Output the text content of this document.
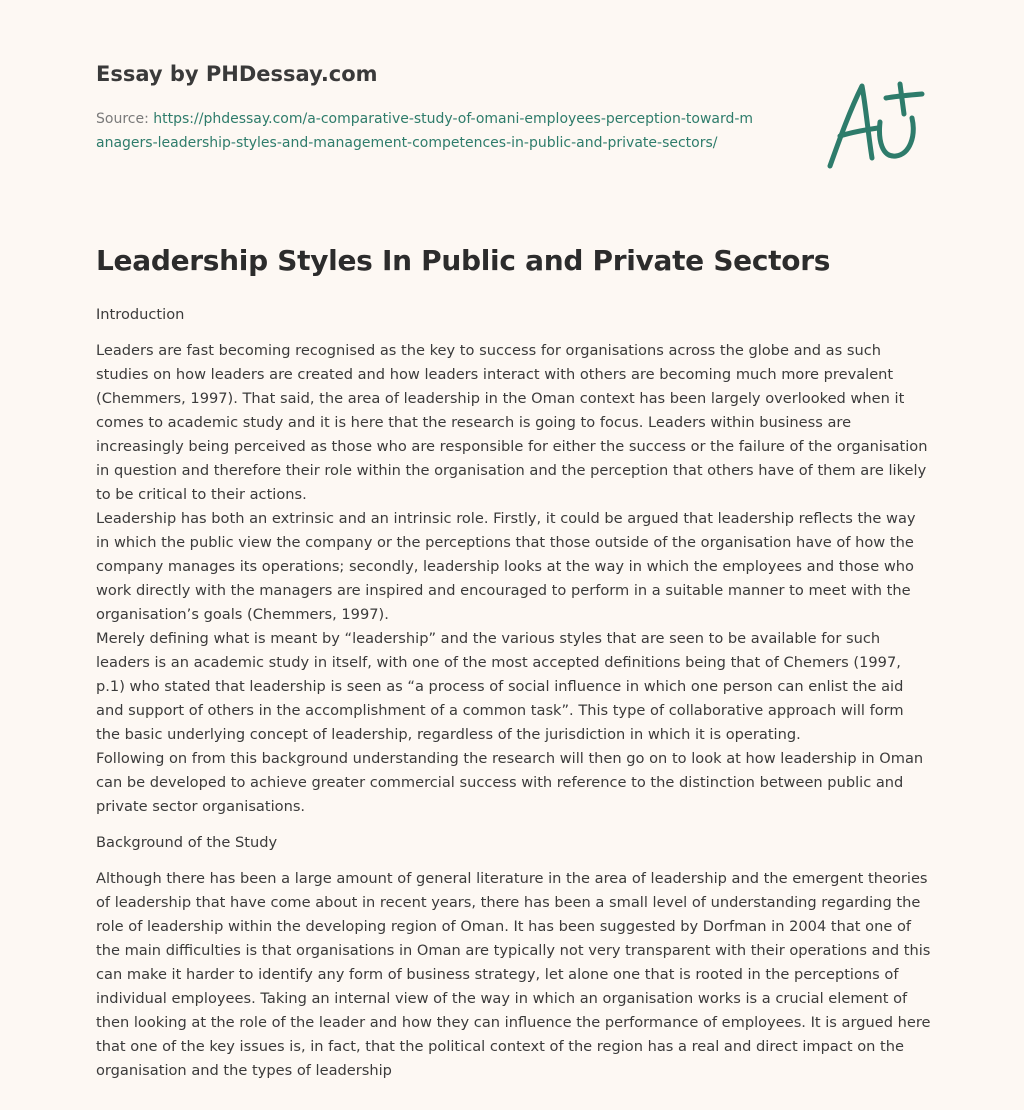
Essay by PHDessay.com
Source: https://phdessay.com/a-comparative-study-of-omani-employees-perception-toward-managers-leadership-styles-and-management-competences-in-public-and-private-sectors/
Leadership Styles In Public and Private Sectors

Introduction

Leaders are fast becoming recognised as the key to success for organisations across the globe and as such studies on how leaders are created and how leaders interact with others are becoming much more prevalent (Chemmers, 1997). That said, the area of leadership in the Oman context has been largely overlooked when it comes to academic study and it is here that the research is going to focus. Leaders within business are increasingly being perceived as those who are responsible for either the success or the failure of the organisation in question and therefore their role within the organisation and the perception that others have of them are likely to be critical to their actions.

Leadership has both an extrinsic and an intrinsic role. Firstly, it could be argued that leadership reflects the way in which the public view the company or the perceptions that those outside of the organisation have of how the company manages its operations; secondly, leadership looks at the way in which the employees and those who work directly with the managers are inspired and encouraged to perform in a suitable manner to meet with the organisation’s goals (Chemmers, 1997).

Merely defining what is meant by “leadership” and the various styles that are seen to be available for such leaders is an academic study in itself, with one of the most accepted definitions being that of Chemers (1997, p.1) who stated that leadership is seen as “a process of social influence in which one person can enlist the aid and support of others in the accomplishment of a common task”. This type of collaborative approach will form the basic underlying concept of leadership, regardless of the jurisdiction in which it is operating.

Following on from this background understanding the research will then go on to look at how leadership in Oman can be developed to achieve greater commercial success with reference to the distinction between public and private sector organisations.

Background of the Study

Although there has been a large amount of general literature in the area of leadership and the emergent theories of leadership that have come about in recent years, there has been a small level of understanding regarding the role of leadership within the developing region of Oman. It has been suggested by Dorfman in 2004 that one of the main difficulties is that organisations in Oman are typically not very transparent with their operations and this can make it harder to identify any form of business strategy, let alone one that is rooted in the perceptions of individual employees. Taking an internal view of the way in which an organisation works is a crucial element of then looking at the role of the leader and how they can influence the performance of employees. It is argued here that one of the key issues is, in fact, that the political context of the region has a real and direct impact on the organisation and the types of leadership
